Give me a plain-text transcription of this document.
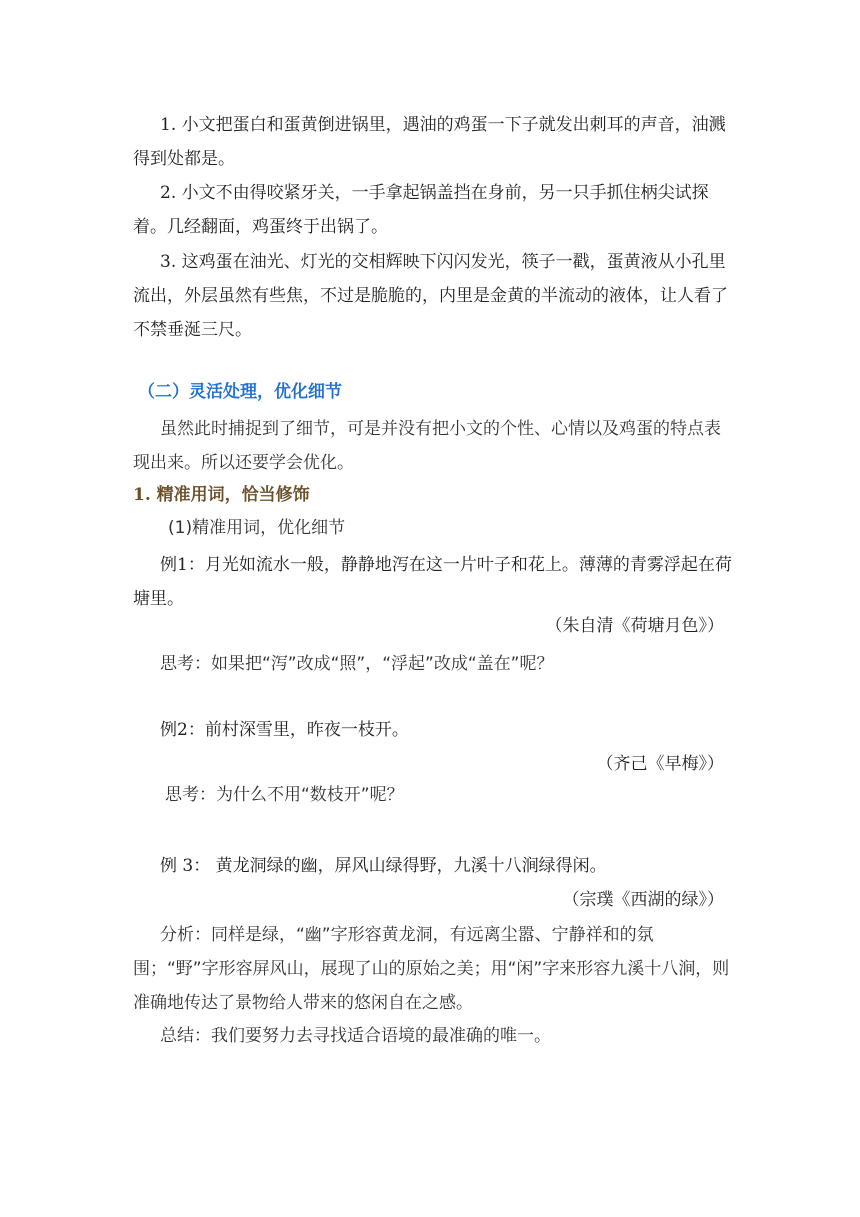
1. 小文把蛋白和蛋黄倒进锅里，遇油的鸡蛋一下子就发出刺耳的声音，油溅得到处都是。

2. 小文不由得咬紧牙关，一手拿起锅盖挡在身前，另一只手抓住柄尖试探着。几经翻面，鸡蛋终于出锅了。

3. 这鸡蛋在油光、灯光的交相辉映下闪闪发光，筷子一戳，蛋黄液从小孔里流出，外层虽然有些焦，不过是脆脆的，内里是金黄的半流动的液体，让人看了不禁垂涎三尺。

（二）灵活处理，优化细节

虽然此时捕捉到了细节，可是并没有把小文的个性、心情以及鸡蛋的特点表现出来。所以还要学会优化。

1. 精准用词，恰当修饰

(1)精准用词，优化细节

例1：月光如流水一般，静静地泻在这一片叶子和花上。薄薄的青雾浮起在荷塘里。

（朱自清《荷塘月色》）

思考：如果把“泻”改成“照”，“浮起”改成“盖在”呢？

例2：前村深雪里，昨夜一枝开。

（齐己《早梅》）

思考：为什么不用“数枝开”呢？

例 3： 黄龙洞绿的幽，屏风山绿得野，九溪十八涧绿得闲。

（宗璞《西湖的绿》）

分析：同样是绿，“幽”字形容黄龙洞，有远离尘嚣、宁静祥和的氛围；“野”字形容屏风山，展现了山的原始之美；用“闲”字来形容九溪十八涧，则准确地传达了景物给人带来的悠闲自在之感。

总结：我们要努力去寻找适合语境的最准确的唯一。
